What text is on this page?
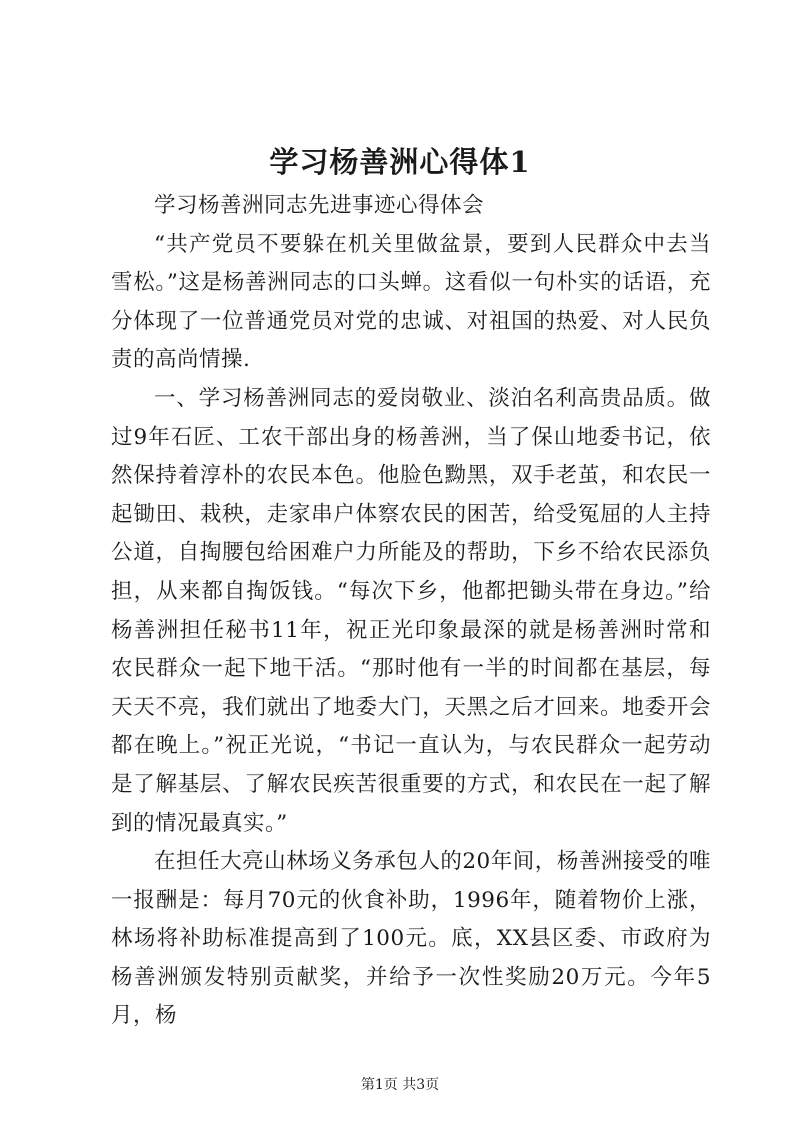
学习杨善洲心得体1

学习杨善洲同志先进事迹心得体会

“共产党员不要躲在机关里做盆景，要到人民群众中去当雪松。”这是杨善洲同志的口头蝉。这看似一句朴实的话语，充分体现了一位普通党员对党的忠诚、对祖国的热爱、对人民负责的高尚情操.

一、学习杨善洲同志的爱岗敬业、淡泊名利高贵品质。做过9年石匠、工农干部出身的杨善洲，当了保山地委书记，依然保持着淳朴的农民本色。他脸色黝黑，双手老茧，和农民一起锄田、栽秧，走家串户体察农民的困苦，给受冤屈的人主持公道，自掏腰包给困难户力所能及的帮助，下乡不给农民添负担，从来都自掏饭钱。“每次下乡，他都把锄头带在身边。”给杨善洲担任秘书11年，祝正光印象最深的就是杨善洲时常和农民群众一起下地干活。“那时他有一半的时间都在基层，每天天不亮，我们就出了地委大门，天黑之后才回来。地委开会都在晚上。”祝正光说，“书记一直认为，与农民群众一起劳动是了解基层、了解农民疾苦很重要的方式，和农民在一起了解到的情况最真实。”

在担任大亮山林场义务承包人的20年间，杨善洲接受的唯一报酬是：每月70元的伙食补助，1996年，随着物价上涨，林场将补助标准提高到了100元。底，XX县区委、市政府为杨善洲颁发特别贡献奖，并给予一次性奖励20万元。今年5月，杨

第1页 共3页
